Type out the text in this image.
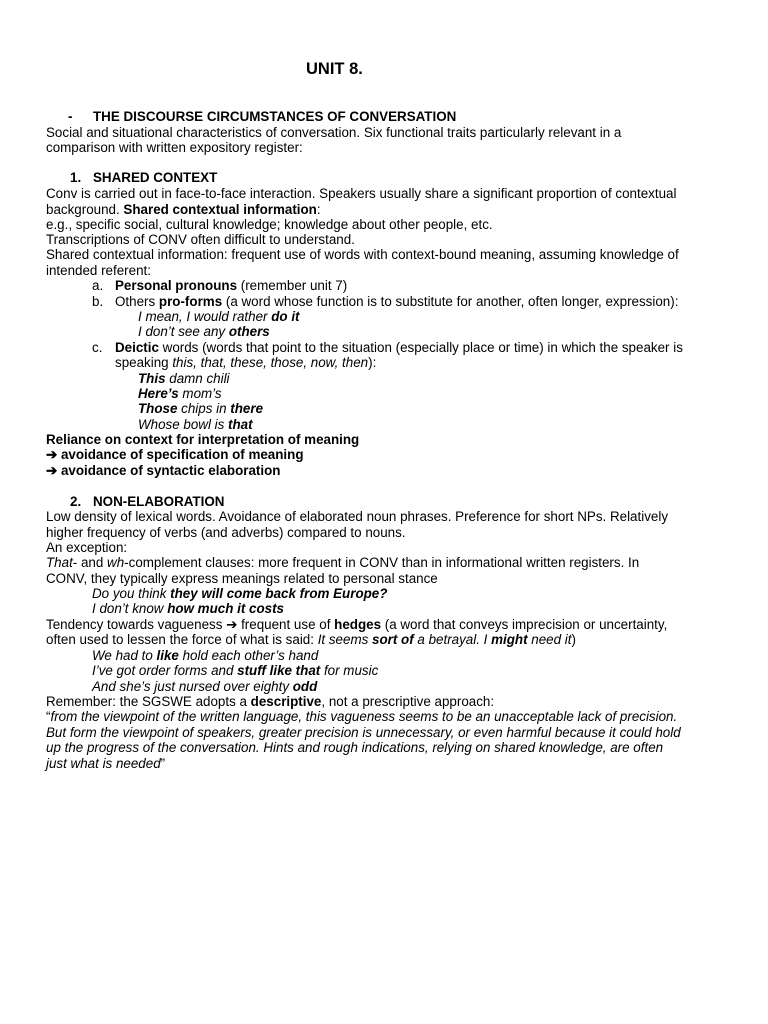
UNIT 8.
- THE DISCOURSE CIRCUMSTANCES OF CONVERSATION
Social and situational characteristics of conversation. Six functional traits particularly relevant in a
comparison with written expository register:
1. SHARED CONTEXT
Conv is carried out in face-to-face interaction. Speakers usually share a significant proportion of contextual
background. Shared contextual information:
e.g., specific social, cultural knowledge; knowledge about other people, etc.
Transcriptions of CONV often difficult to understand.
Shared contextual information: frequent use of words with context-bound meaning, assuming knowledge of
intended referent:
a. Personal pronouns (remember unit 7)
b. Others pro-forms (a word whose function is to substitute for another, often longer, expression):
I mean, I would rather do it
I don’t see any others
c. Deictic words (words that point to the situation (especially place or time) in which the speaker is
speaking this, that, these, those, now, then):
This damn chili
Here’s mom’s
Those chips in there
Whose bowl is that
Reliance on context for interpretation of meaning
➔ avoidance of specification of meaning
➔ avoidance of syntactic elaboration
2. NON-ELABORATION
Low density of lexical words. Avoidance of elaborated noun phrases. Preference for short NPs. Relatively
higher frequency of verbs (and adverbs) compared to nouns.
An exception:
That- and wh-complement clauses: more frequent in CONV than in informational written registers. In
CONV, they typically express meanings related to personal stance
Do you think they will come back from Europe?
I don’t know how much it costs
Tendency towards vagueness ➔ frequent use of hedges (a word that conveys imprecision or uncertainty,
often used to lessen the force of what is said: It seems sort of a betrayal. I might need it)
We had to like hold each other’s hand
I’ve got order forms and stuff like that for music
And she’s just nursed over eighty odd
Remember: the SGSWE adopts a descriptive, not a prescriptive approach:
“from the viewpoint of the written language, this vagueness seems to be an unacceptable lack of precision.
But form the viewpoint of speakers, greater precision is unnecessary, or even harmful because it could hold
up the progress of the conversation. Hints and rough indications, relying on shared knowledge, are often
just what is needed”
